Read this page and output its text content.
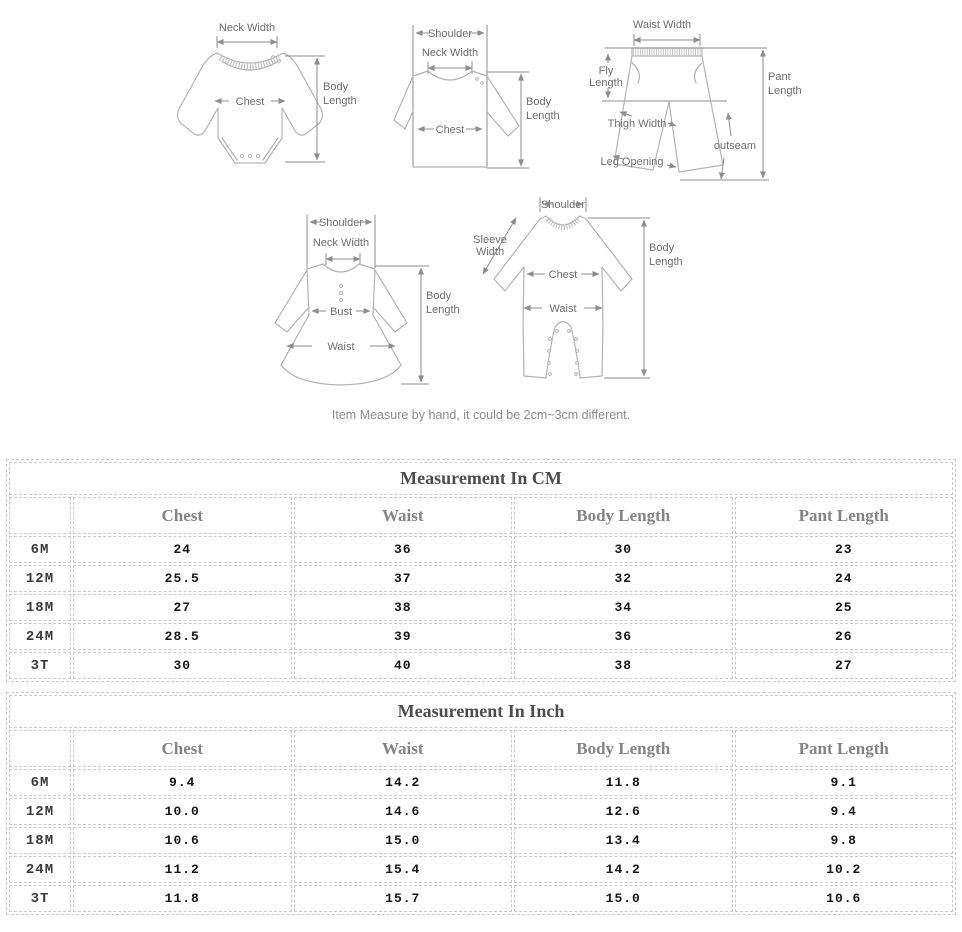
Neck Width
Chest
Body
Length
Shoulder
Neck Width
Chest
Body
Length
Waist Width
Fly
Length
Thigh Width
Leg Opening
outseam
Pant
Length
Shoulder
Neck Width
Bust
Waist
Body
Length
Shoulder
Sleeve
Width
Chest
Waist
Body
Length
Item Measure by hand, it could be 2cm~3cm different.
Measurement In CM				
	Chest	Waist	Body Length	Pant Length
6M	24	36	30	23
12M	25.5	37	32	24
18M	27	38	34	25
24M	28.5	39	36	26
3T	30	40	38	27
Measurement In Inch				
	Chest	Waist	Body Length	Pant Length
6M	9.4	14.2	11.8	9.1
12M	10.0	14.6	12.6	9.4
18M	10.6	15.0	13.4	9.8
24M	11.2	15.4	14.2	10.2
3T	11.8	15.7	15.0	10.6
